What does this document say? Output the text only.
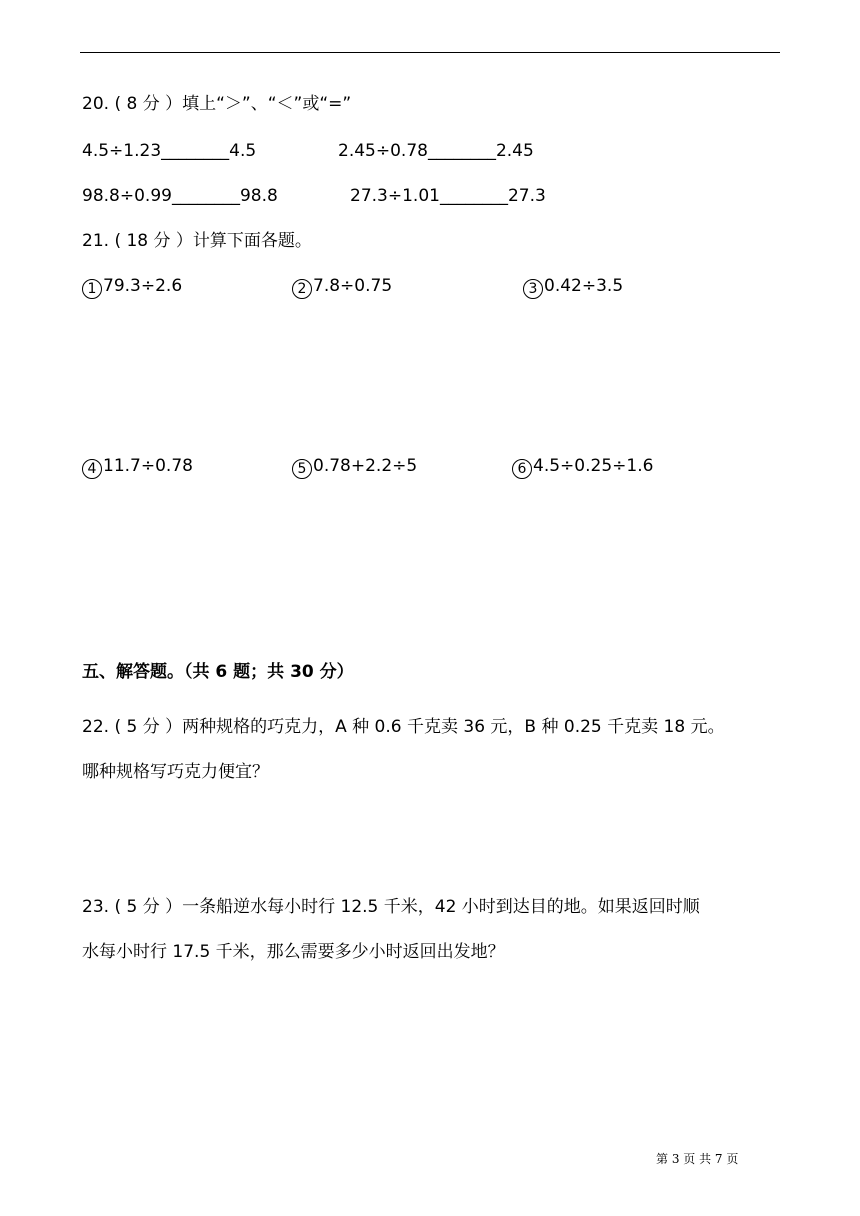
20. ( 8 分 ）填上“＞”、“＜”或“=”
4.5÷1.23________4.5	2.45÷0.78________2.45
98.8÷0.99________98.8	27.3÷1.01________27.3
21. ( 18 分 ）计算下面各题。
1 79.3÷2.6	2 7.8÷0.75	3 0.42÷3.5
4 11.7÷0.78	5 0.78+2.2÷5	6 4.5÷0.25÷1.6
五、解答题。（共 6 题；共 30 分）
22. ( 5 分 ）两种规格的巧克力，A 种 0.6 千克卖 36 元，B 种 0.25 千克卖 18 元。
哪种规格写巧克力便宜？
23. ( 5 分 ）一条船逆水每小时行 12.5 千米，42 小时到达目的地。如果返回时顺
水每小时行 17.5 千米，那么需要多少小时返回出发地？
第 3 页 共 7 页
